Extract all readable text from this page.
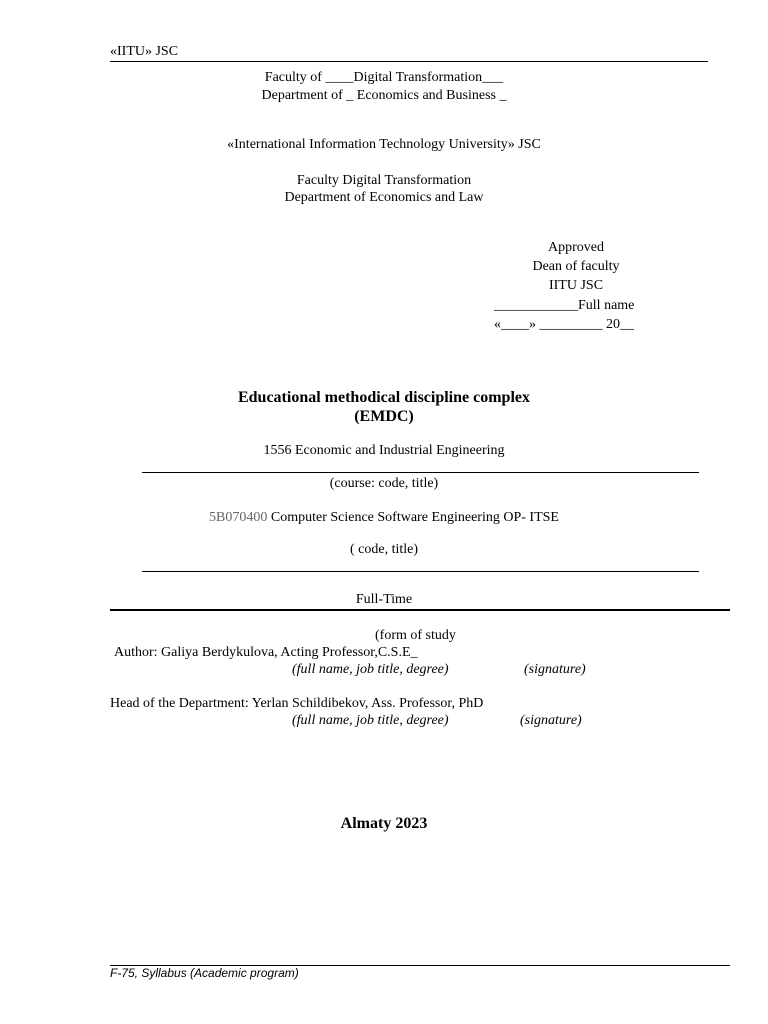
«IITU» JSC
Faculty of ____Digital Transformation___
Department of _ Economics and Business _
«International Information Technology University» JSC
Faculty Digital Transformation
Department of Economics and Law
Approved
Dean of faculty
IITU JSC
____________Full name
«____» _________ 20__
Educational methodical discipline complex
(EMDC)
1556 Economic and Industrial Engineering
(course: code, title)
5B070400 Computer Science Software Engineering OP- ITSE
( code, title)
Full-Time
(form of study
Author: Galiya Berdykulova, Acting Professor,C.S.E_
(full name, job title, degree)	(signature)
Head of the Department: Yerlan Schildibekov, Ass. Professor, PhD
(full name, job title, degree)	(signature)
Almaty 2023
F-75, Syllabus (Academic program)
